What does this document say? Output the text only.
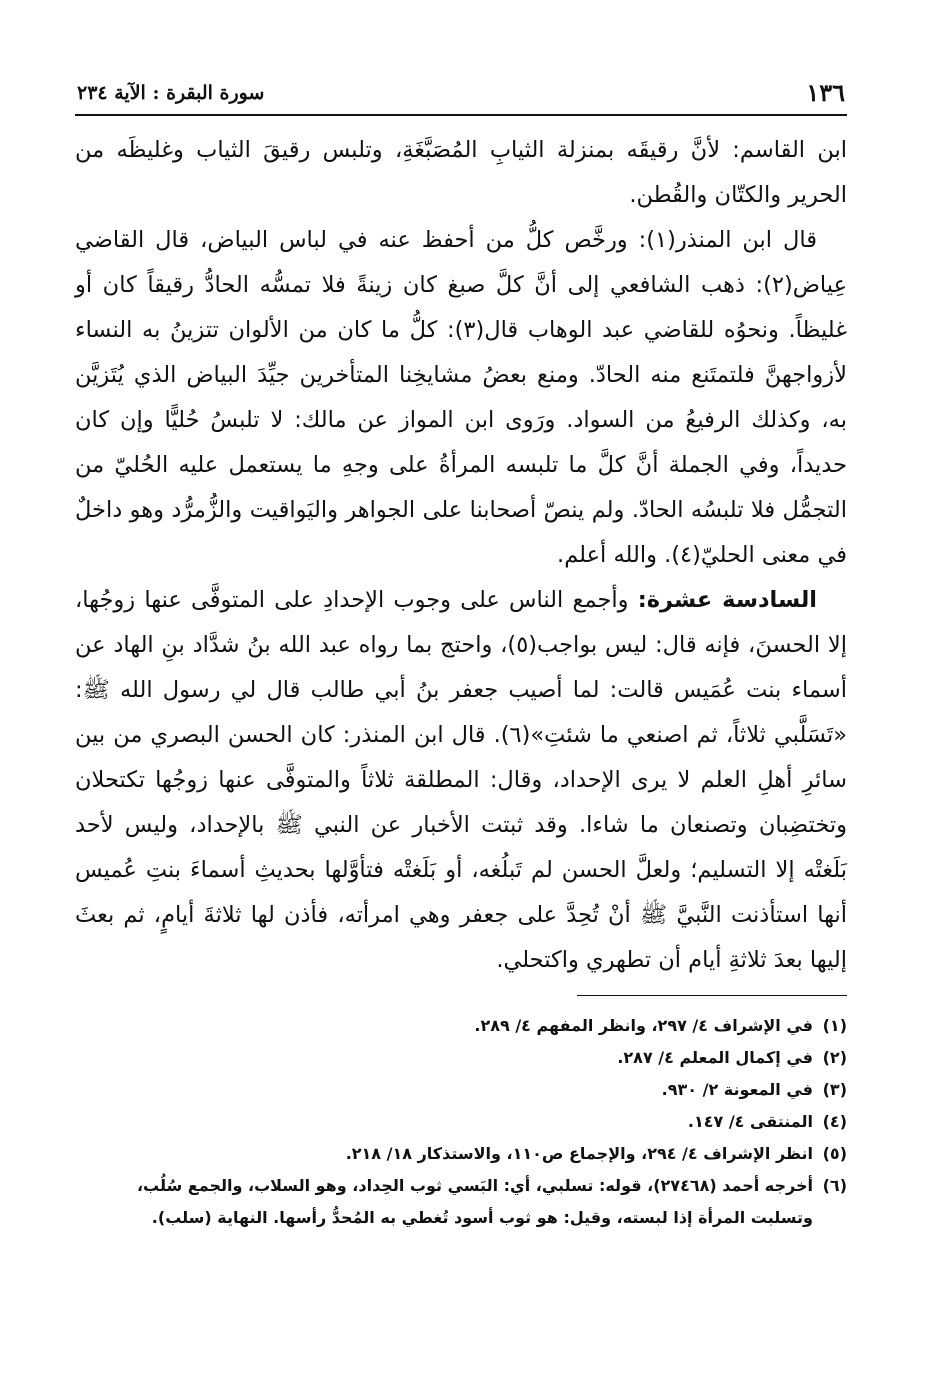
١٣٦
سورة البقرة : الآية ٢٣٤

ابن القاسم: لأنَّ رقيقَه بمنزلة الثيابِ المُصَبَّغَةِ، وتلبس رقيقَ الثياب وغليظَه من الحرير والكتّان والقُطن.

قال ابن المنذر(١): ورخَّص كلُّ من أحفظ عنه في لباس البياض، قال القاضي عِياض(٢): ذهب الشافعي إلى أنَّ كلَّ صبغ كان زينةً فلا تمسُّه الحادُّ رقيقاً كان أو غليظاً. ونحوُه للقاضي عبد الوهاب قال(٣): كلُّ ما كان من الألوان تتزينُ به النساء لأزواجهنَّ فلتمتَنع منه الحادّ. ومنع بعضُ مشايخِنا المتأخرين جيِّدَ البياض الذي يُتَزيَّن به، وكذلك الرفيعُ من السواد. ورَوى ابن المواز عن مالك: لا تلبسُ حُليًّا وإن كان حديداً، وفي الجملة أنَّ كلَّ ما تلبسه المرأةُ على وجهِ ما يستعمل عليه الحُليّ من التجمُّل فلا تلبسُه الحادّ. ولم ينصّ أصحابنا على الجواهر واليَواقيت والزُّمرُّد وهو داخلٌ في معنى الحليّ(٤). والله أعلم.

السادسة عشرة: وأجمع الناس على وجوب الإحدادِ على المتوفَّى عنها زوجُها، إلا الحسنَ، فإنه قال: ليس بواجب(٥)، واحتج بما رواه عبد الله بنُ شدَّاد بنِ الهاد عن أسماء بنت عُمَيس قالت: لما أصيب جعفر بنُ أبي طالب قال لي رسول الله ﷺ: «تَسَلَّبي ثلاثاً، ثم اصنعي ما شئتِ»(٦). قال ابن المنذر: كان الحسن البصري من بين سائرِ أهلِ العلم لا يرى الإحداد، وقال: المطلقة ثلاثاً والمتوفَّى عنها زوجُها تكتحلان وتختضِبان وتصنعان ما شاءا. وقد ثبتت الأخبار عن النبي ﷺ بالإحداد، وليس لأحد بَلَغتْه إلا التسليم؛ ولعلَّ الحسن لم تَبلُغه، أو بَلَغتْه فتأوَّلها بحديثِ أسماءَ بنتِ عُميس أنها استأذنت النَّبيَّ ﷺ أنْ تُحِدَّ على جعفر وهي امرأته، فأذن لها ثلاثةَ أيامٍ، ثم بعثَ إليها بعدَ ثلاثةِ أيام أن تطهري واكتحلي.

(١)
في الإشراف ٤/ ٢٩٧، وانظر المفهم ٤/ ٢٨٩.
(٢)
في إكمال المعلم ٤/ ٢٨٧.
(٣)
في المعونة ٢/ ٩٣٠.
(٤)
المنتقى ٤/ ١٤٧.
(٥)
انظر الإشراف ٤/ ٢٩٤، والإجماع ص١١٠، والاستذكار ١٨/ ٢١٨.
(٦)
أخرجه أحمد (٢٧٤٦٨)، قوله: تسلبي، أي: البَسي ثوب الحِداد، وهو السلاب، والجمع سُلُب، وتسلبت المرأة إذا لبسته، وقيل: هو ثوب أسود تُغطي به المُحدُّ رأسها. النهاية (سلب).
